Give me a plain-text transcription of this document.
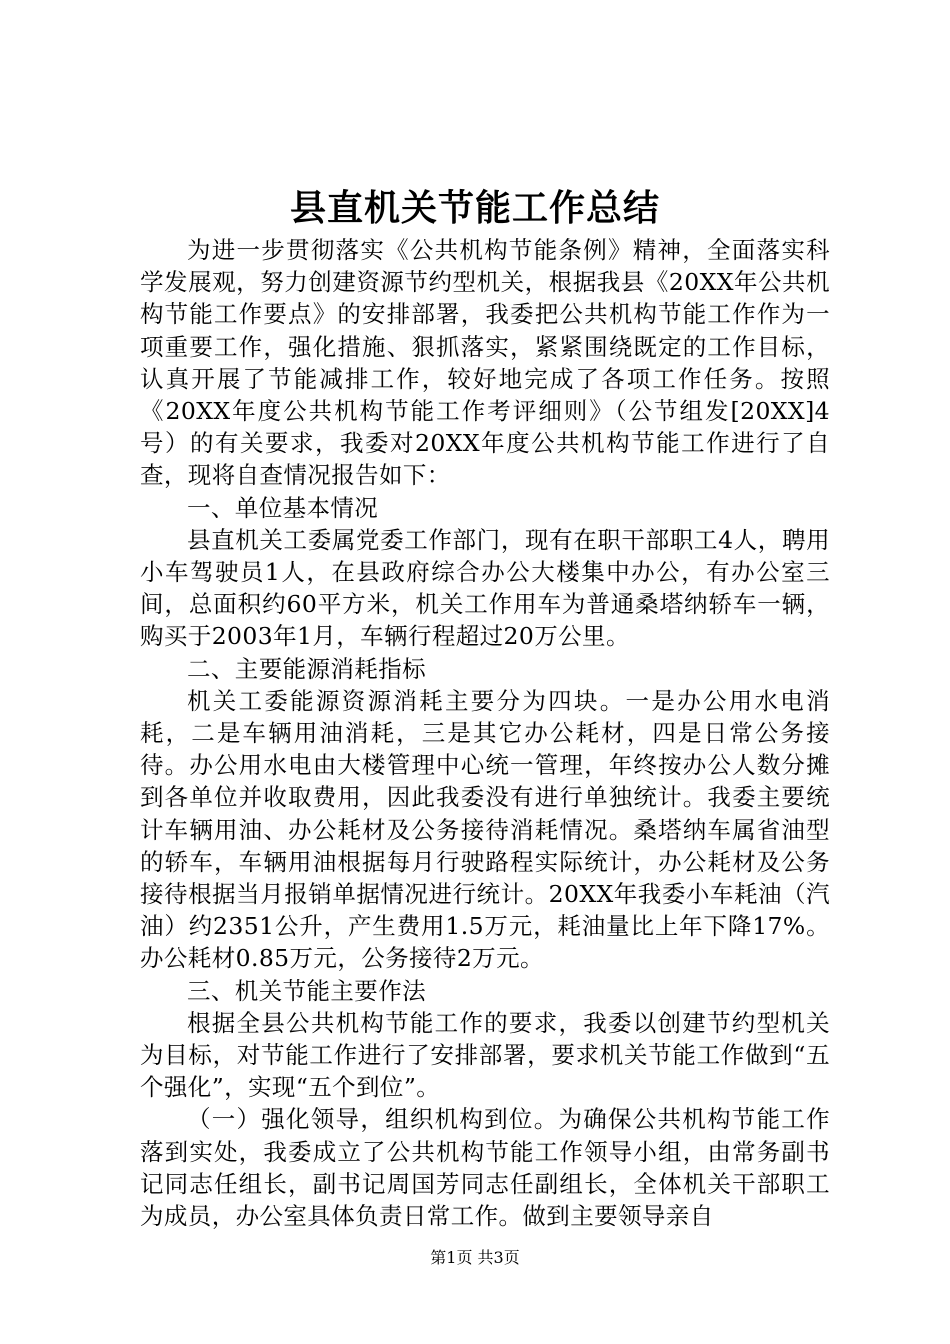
县直机关节能工作总结

为进一步贯彻落实《公共机构节能条例》精神，全面落实科学发展观，努力创建资源节约型机关，根据我县《20XX年公共机构节能工作要点》的安排部署，我委把公共机构节能工作作为一项重要工作，强化措施、狠抓落实，紧紧围绕既定的工作目标，认真开展了节能减排工作，较好地完成了各项工作任务。按照《20XX年度公共机构节能工作考评细则》（公节组发[20XX]4号）的有关要求，我委对20XX年度公共机构节能工作进行了自查，现将自查情况报告如下：

一、单位基本情况

县直机关工委属党委工作部门，现有在职干部职工4人，聘用小车驾驶员1人，在县政府综合办公大楼集中办公，有办公室三间，总面积约60平方米，机关工作用车为普通桑塔纳轿车一辆，购买于2003年1月，车辆行程超过20万公里。

二、主要能源消耗指标

机关工委能源资源消耗主要分为四块。一是办公用水电消耗，二是车辆用油消耗，三是其它办公耗材，四是日常公务接待。办公用水电由大楼管理中心统一管理，年终按办公人数分摊到各单位并收取费用，因此我委没有进行单独统计。我委主要统计车辆用油、办公耗材及公务接待消耗情况。桑塔纳车属省油型的轿车，车辆用油根据每月行驶路程实际统计，办公耗材及公务接待根据当月报销单据情况进行统计。20XX年我委小车耗油（汽油）约2351公升，产生费用1.5万元，耗油量比上年下降17%。办公耗材0.85万元，公务接待2万元。

三、机关节能主要作法

根据全县公共机构节能工作的要求，我委以创建节约型机关为目标，对节能工作进行了安排部署，要求机关节能工作做到“五个强化”，实现“五个到位”。

（一）强化领导，组织机构到位。为确保公共机构节能工作落到实处，我委成立了公共机构节能工作领导小组，由常务副书记同志任组长，副书记周国芳同志任副组长，全体机关干部职工为成员，办公室具体负责日常工作。做到主要领导亲自

第1页 共3页
